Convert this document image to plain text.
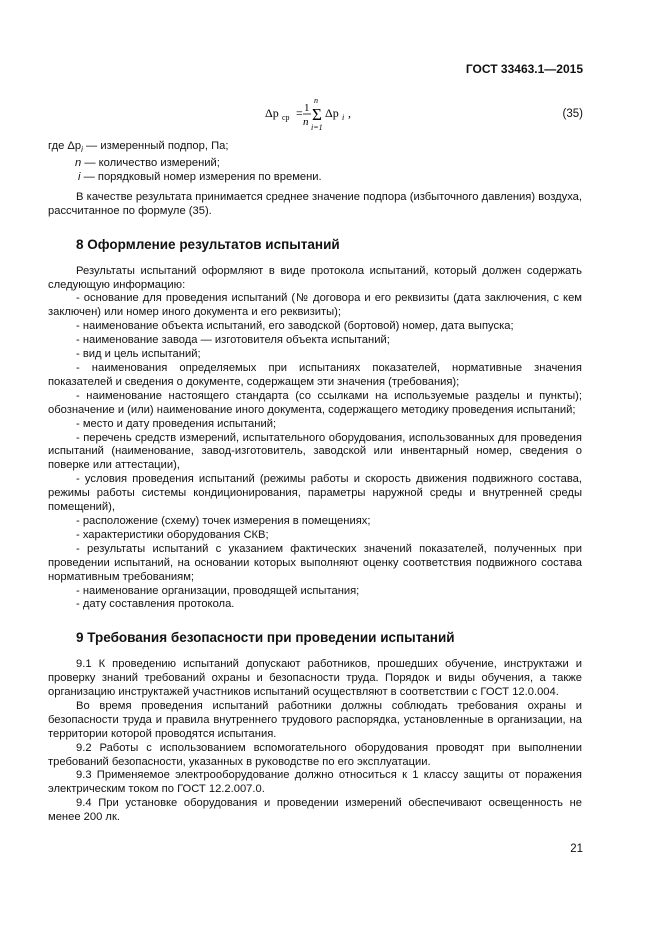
ГОСТ 33463.1—2015
Δp ср = 1
n
n
Σ
i=1
Δp i ,	(35)

где $\Delta p_i$ — измеренный подпор, Па;

n — количество измерений;

i — порядковый номер измерения по времени.

В качестве результата принимается среднее значение подпора (избыточного давления) воздуха, рассчитанное по формуле (35).

8 Оформление результатов испытаний

Результаты испытаний оформляют в виде протокола испытаний, который должен содержать следующую информацию:

- основание для проведения испытаний (№ договора и его реквизиты (дата заключения, с кем заключен) или номер иного документа и его реквизиты);

- наименование объекта испытаний, его заводской (бортовой) номер, дата выпуска;

- наименование завода — изготовителя объекта испытаний;

- вид и цель испытаний;

- наименования определяемых при испытаниях показателей, нормативные значения показателей и сведения о документе, содержащем эти значения (требования);

- наименование настоящего стандарта (со ссылками на используемые разделы и пункты); обозначение и (или) наименование иного документа, содержащего методику проведения испытаний;

- место и дату проведения испытаний;

- перечень средств измерений, испытательного оборудования, использованных для проведения испытаний (наименование, завод-изготовитель, заводской или инвентарный номер, сведения о поверке или аттестации),

- условия проведения испытаний (режимы работы и скорость движения подвижного состава, режимы работы системы кондиционирования, параметры наружной среды и внутренней среды помещений),

- расположение (схему) точек измерения в помещениях;

- характеристики оборудования СКВ;

- результаты испытаний с указанием фактических значений показателей, полученных при проведении испытаний, на основании которых выполняют оценку соответствия подвижного состава нормативным требованиям;

- наименование организации, проводящей испытания;

- дату составления протокола.

9 Требования безопасности при проведении испытаний

9.1 К проведению испытаний допускают работников, прошедших обучение, инструктажи и проверку знаний требований охраны и безопасности труда. Порядок и виды обучения, а также организацию инструктажей участников испытаний осуществляют в соответствии с ГОСТ 12.0.004.

Во время проведения испытаний работники должны соблюдать требования охраны и безопасности труда и правила внутреннего трудового распорядка, установленные в организации, на территории которой проводятся испытания.

9.2 Работы с использованием вспомогательного оборудования проводят при выполнении требований безопасности, указанных в руководстве по его эксплуатации.

9.3 Применяемое электрооборудование должно относиться к 1 классу защиты от поражения электрическим током по ГОСТ 12.2.007.0.

9.4 При установке оборудования и проведении измерений обеспечивают освещенность не менее 200 лк.

21
